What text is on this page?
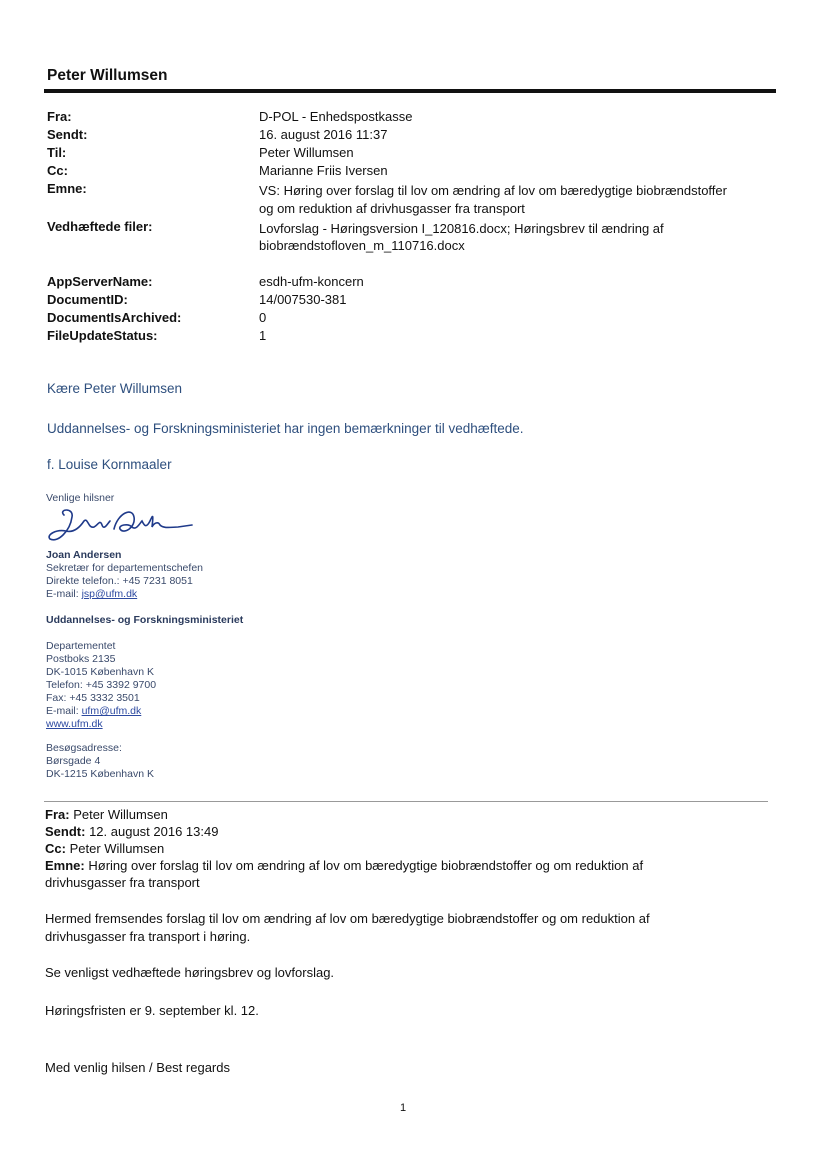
Peter Willumsen
Fra:	D-POL - Enhedspostkasse
Sendt:	16. august 2016 11:37
Til:	Peter Willumsen
Cc:	Marianne Friis Iversen
Emne:	VS: Høring over forslag til lov om ændring af lov om bæredygtige biobrændstoffer
og om reduktion af drivhusgasser fra transport
Vedhæftede filer:	Lovforslag - Høringsversion I_120816.docx; Høringsbrev til ændring af
biobrændstofloven_m_110716.docx
AppServerName:	esdh-ufm-koncern
DocumentID:	14/007530-381
DocumentIsArchived:	0
FileUpdateStatus:	1
Kære Peter Willumsen
Uddannelses- og Forskningsministeriet har ingen bemærkninger til vedhæftede.
f. Louise Kornmaaler
Venlige hilsner
Joan Andersen
Sekretær for departementschefen
Direkte telefon.: +45 7231 8051
E-mail: jsp@ufm.dk
Uddannelses- og Forskningsministeriet
Departementet
Postboks 2135
DK-1015 København K
Telefon: +45 3392 9700
Fax: +45 3332 3501
E-mail: ufm@ufm.dk
www.ufm.dk
Besøgsadresse:
Børsgade 4
DK-1215 København K
Fra: Peter Willumsen
Sendt: 12. august 2016 13:49
Cc: Peter Willumsen
Emne: Høring over forslag til lov om ændring af lov om bæredygtige biobrændstoffer og om reduktion af
drivhusgasser fra transport
Hermed fremsendes forslag til lov om ændring af lov om bæredygtige biobrændstoffer og om reduktion af
drivhusgasser fra transport i høring.
Se venligst vedhæftede høringsbrev og lovforslag.
Høringsfristen er 9. september kl. 12.
Med venlig hilsen / Best regards
1
